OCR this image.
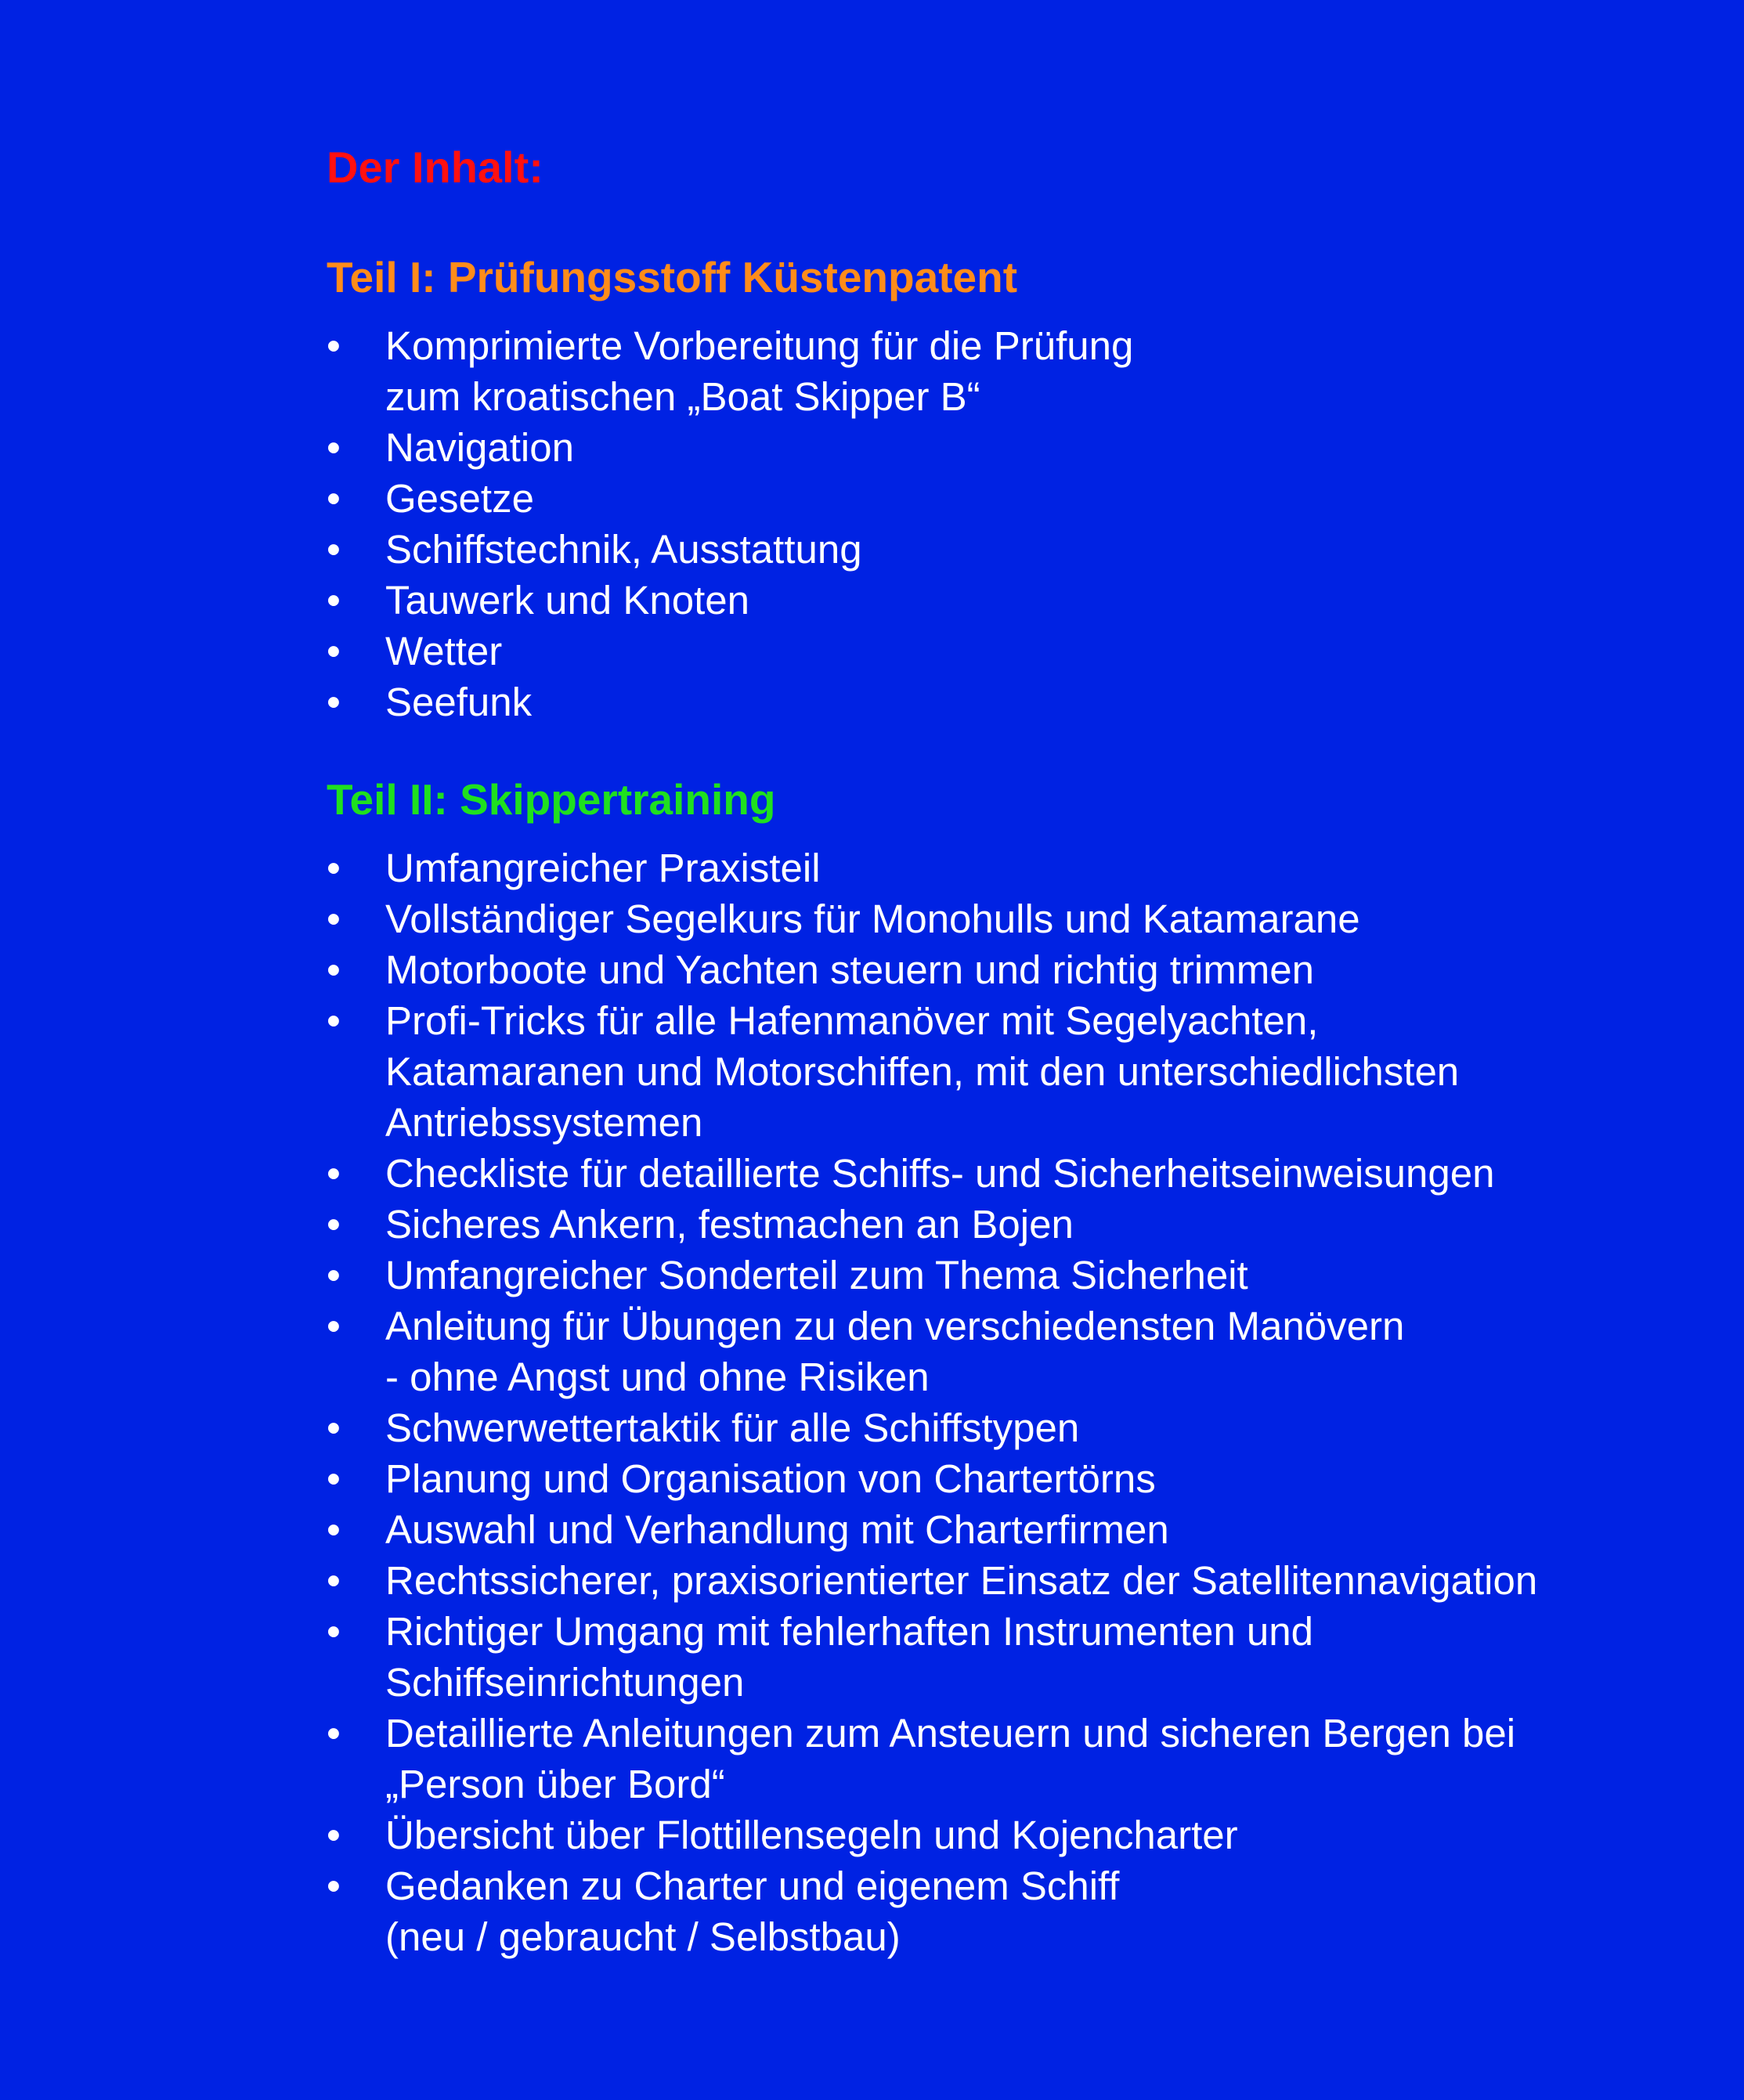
Der Inhalt:
Teil I: Prüfungsstoff Küstenpatent
• Komprimierte Vorbereitung für die Prüfung
zum kroatischen „Boat Skipper B“
• Navigation
• Gesetze
• Schiffstechnik, Ausstattung
• Tauwerk und Knoten
• Wetter
• Seefunk
Teil II: Skippertraining
• Umfangreicher Praxisteil
• Vollständiger Segelkurs für Monohulls und Katamarane
• Motorboote und Yachten steuern und richtig trimmen
• Profi-Tricks für alle Hafenmanöver mit Segelyachten,
Katamaranen und Motorschiffen, mit den unterschiedlichsten
Antriebssystemen
• Checkliste für detaillierte Schiffs- und Sicherheitseinweisungen
• Sicheres Ankern, festmachen an Bojen
• Umfangreicher Sonderteil zum Thema Sicherheit
• Anleitung für Übungen zu den verschiedensten Manövern
- ohne Angst und ohne Risiken
• Schwerwettertaktik für alle Schiffstypen
• Planung und Organisation von Chartertörns
• Auswahl und Verhandlung mit Charterfirmen
• Rechtssicherer, praxisorientierter Einsatz der Satellitennavigation
• Richtiger Umgang mit fehlerhaften Instrumenten und
Schiffseinrichtungen
• Detaillierte Anleitungen zum Ansteuern und sicheren Bergen bei
„Person über Bord“
• Übersicht über Flottillensegeln und Kojencharter
• Gedanken zu Charter und eigenem Schiff
(neu / gebraucht / Selbstbau)
